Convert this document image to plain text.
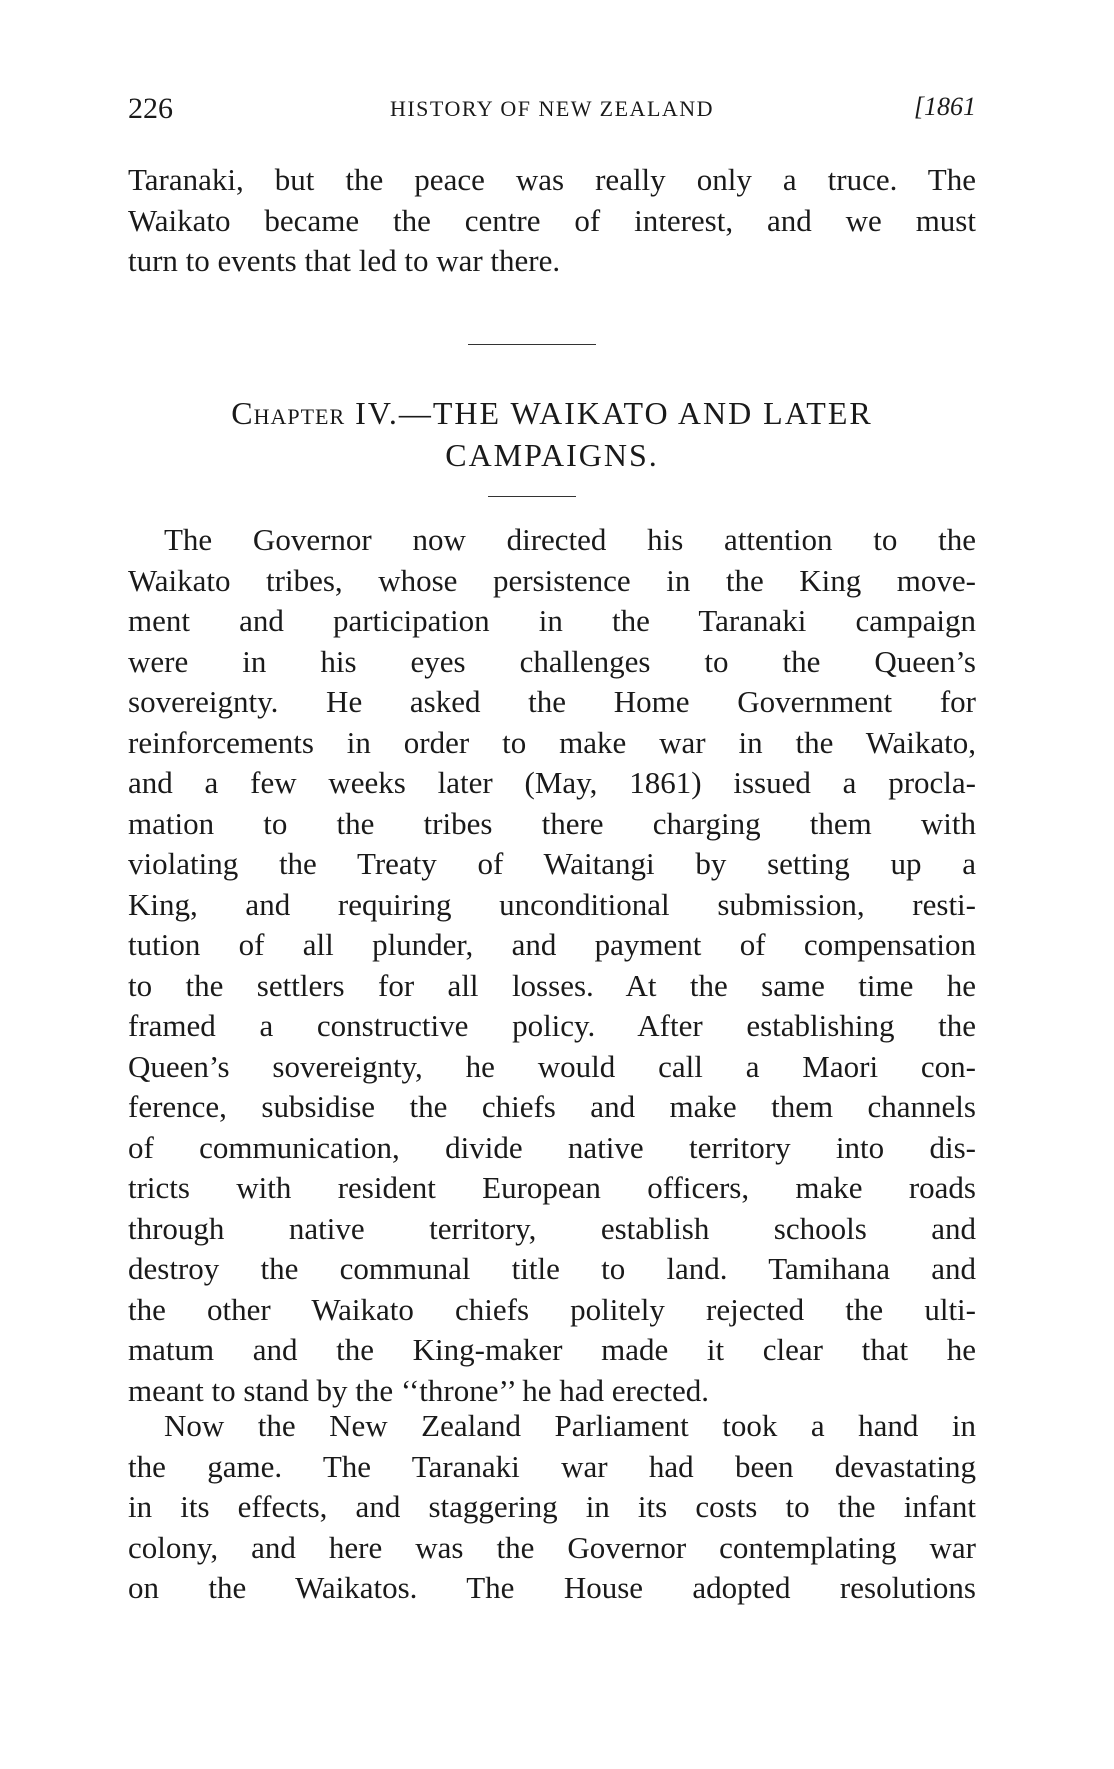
226	HISTORY OF NEW ZEALAND	[1861
Taranaki, but the peace was really only a truce. The
Waikato became the centre of interest, and we must
turn to events that led to war there.
Chapter IV.—THE WAIKATO AND LATER
CAMPAIGNS.
The Governor now directed his attention to the
Waikato tribes, whose persistence in the King move-
ment and participation in the Taranaki campaign
were in his eyes challenges to the Queen’s
sovereignty. He asked the Home Government for
reinforcements in order to make war in the Waikato,
and a few weeks later (May, 1861) issued a procla-
mation to the tribes there charging them with
violating the Treaty of Waitangi by setting up a
King, and requiring unconditional submission, resti-
tution of all plunder, and payment of compensation
to the settlers for all losses. At the same time he
framed a constructive policy. After establishing the
Queen’s sovereignty, he would call a Maori con-
ference, subsidise the chiefs and make them channels
of communication, divide native territory into dis-
tricts with resident European officers, make roads
through native territory, establish schools and
destroy the communal title to land. Tamihana and
the other Waikato chiefs politely rejected the ulti-
matum and the King-maker made it clear that he
meant to stand by the ‘‘throne’’ he had erected.
Now the New Zealand Parliament took a hand in
the game. The Taranaki war had been devastating
in its effects, and staggering in its costs to the infant
colony, and here was the Governor contemplating war
on the Waikatos. The House adopted resolutions
